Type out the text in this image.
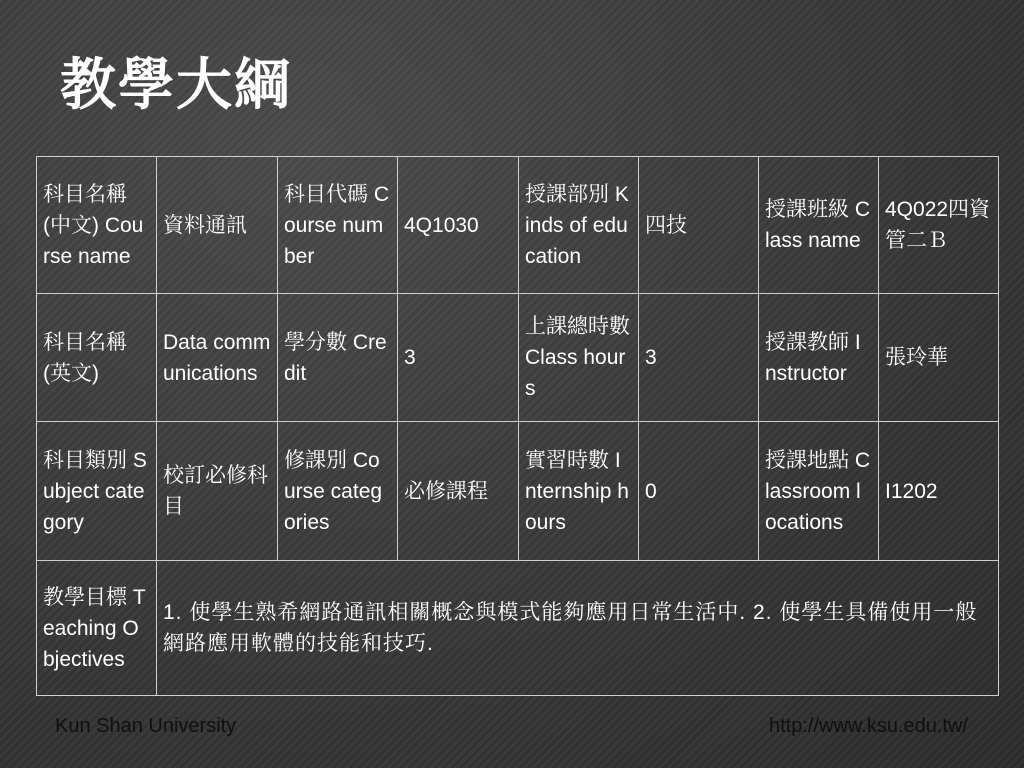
教學大綱
科目名稱(中文) Course name	資料通訊	科目代碼 Course number	4Q1030	授課部別 Kinds of education	四技	授課班級 Class name	4Q022四資管二Ｂ
科目名稱(英文)	Data communications	學分數 Credit	3	上課總時數 Class hours	3	授課教師 Instructor	張玲華
科目類別 Subject category	校訂必修科目	修課別 Course categories	必修課程	實習時數 Internship hours	0	授課地點 Classroom locations	I1202
教學目標 Teaching Objectives	1. 使學生熟希網路通訊相關概念與模式能夠應用日常生活中. 2. 使學生具備使用一般網路應用軟體的技能和技巧.						
Kun Shan University	http://www.ksu.edu.tw/
